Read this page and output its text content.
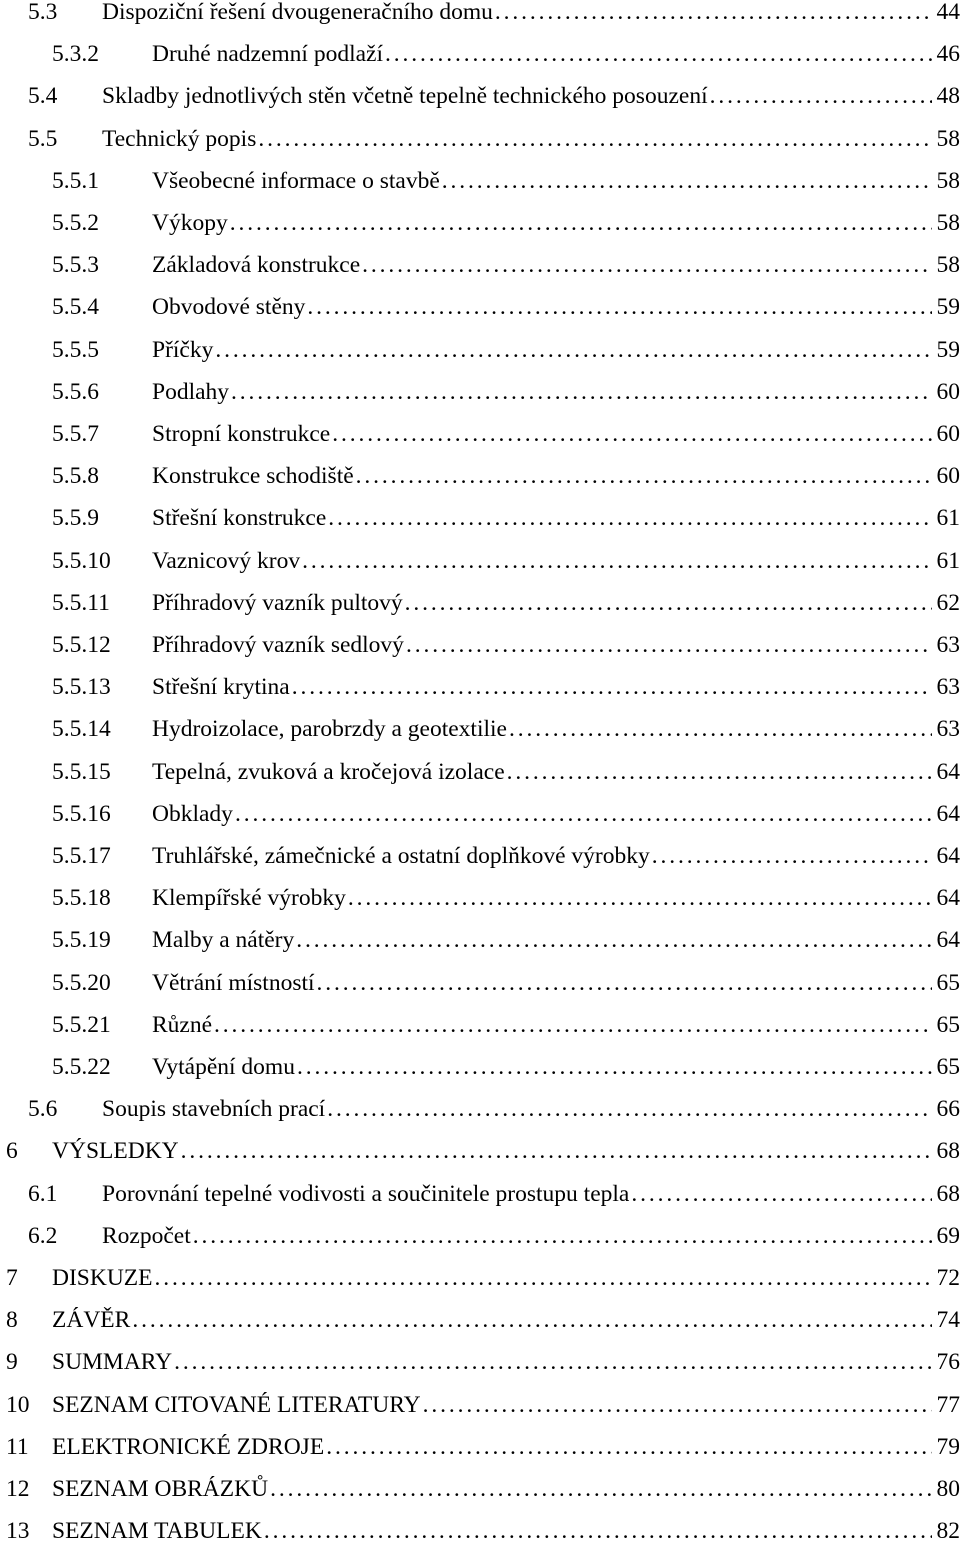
5.3 Dispoziční řešení dvougeneračního domu . . .	44
5.3.2 Druhé nadzemní podlaží . . .	46
5.4 Skladby jednotlivých stěn včetně tepelně technického posouzení . . .	48
5.5 Technický popis . . .	58
5.5.1 Všeobecné informace o stavbě . . .	58
5.5.2 Výkopy . . .	58
5.5.3 Základová konstrukce . . .	58
5.5.4 Obvodové stěny . . .	59
5.5.5 Příčky . . .	59
5.5.6 Podlahy . . .	60
5.5.7 Stropní konstrukce . . .	60
5.5.8 Konstrukce schodiště . . .	60
5.5.9 Střešní konstrukce . . .	61
5.5.10 Vaznicový krov . . .	61
5.5.11 Příhradový vazník pultový . . .	62
5.5.12 Příhradový vazník sedlový . . .	63
5.5.13 Střešní krytina . . .	63
5.5.14 Hydroizolace, parobrzdy a geotextilie . . .	63
5.5.15 Tepelná, zvuková a kročejová izolace . . .	64
5.5.16 Obklady . . .	64
5.5.17 Truhlářské, zámečnické a ostatní doplňkové výrobky . . .	64
5.5.18 Klempířské výrobky . . .	64
5.5.19 Malby a nátěry . . .	64
5.5.20 Větrání místností . . .	65
5.5.21 Různé . . .	65
5.5.22 Vytápění domu . . .	65
5.6 Soupis stavebních prací . . .	66
6 VÝSLEDKY . . .	68
6.1 Porovnání tepelné vodivosti a součinitele prostupu tepla . . .	68
6.2 Rozpočet . . .	69
7 DISKUZE . . .	72
8 ZÁVĚR . . .	74
9 SUMMARY . . .	76
10 SEZNAM CITOVANÉ LITERATURY . . .	77
11 ELEKTRONICKÉ ZDROJE . . .	79
12 SEZNAM OBRÁZKŮ . . .	80
13 SEZNAM TABULEK . . .	82
